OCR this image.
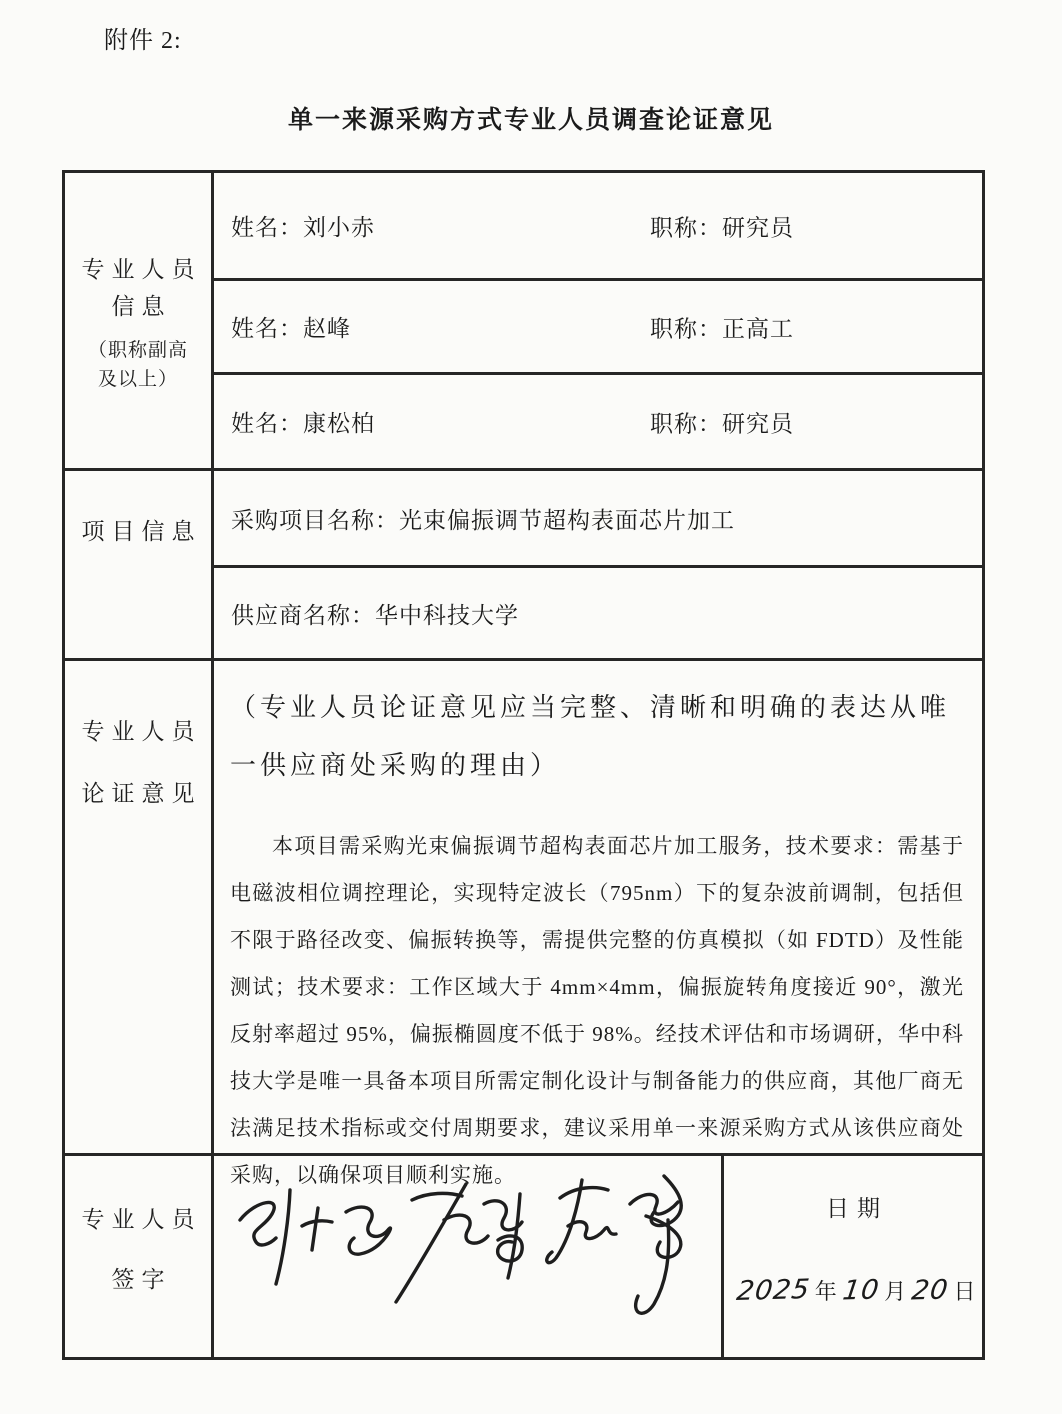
附件 2:
单一来源采购方式专业人员调查论证意见
专业人员
信息
（职称副高
及以上）
姓名：刘小赤	职称：研究员
姓名：赵峰	职称：正高工
姓名：康松柏	职称：研究员
项目信息 采购项目名称：光束偏振调节超构表面芯片加工
供应商名称：华中科技大学
专业人员
论证意见
（专业人员论证意见应当完整、清晰和明确的表达从唯一供应商处采购的理由）
本项目需采购光束偏振调节超构表面芯片加工服务，技术要求：需基于电磁波相位调控理论，实现特定波长（795nm）下的复杂波前调制，包括但不限于路径改变、偏振转换等，需提供完整的仿真模拟（如 FDTD）及性能测试；技术要求：工作区域大于 4mm×4mm，偏振旋转角度接近 90°，激光反射率超过 95%，偏振椭圆度不低于 98%。经技术评估和市场调研，华中科技大学是唯一具备本项目所需定制化设计与制备能力的供应商，其他厂商无法满足技术指标或交付周期要求，建议采用单一来源采购方式从该供应商处采购，以确保项目顺利实施。
专业人员
签字
日期
2025 年 10 月 20 日
